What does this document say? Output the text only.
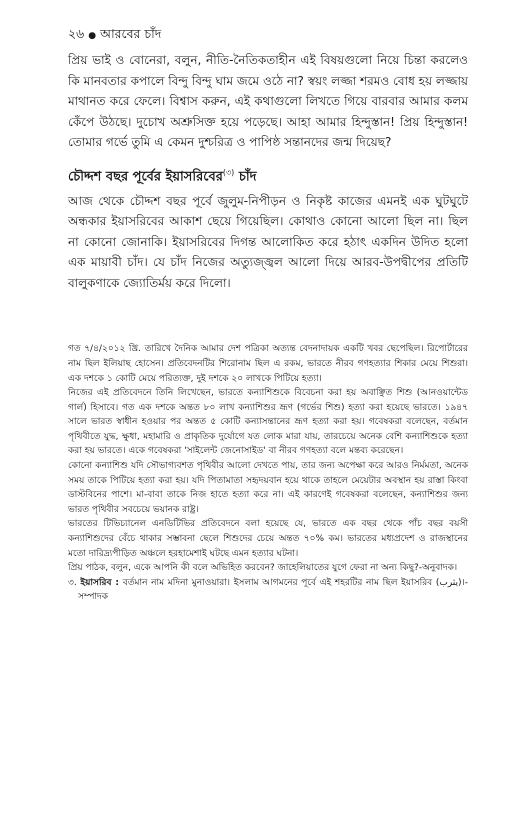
২৬ ● আরবের চাঁদ

প্রিয় ভাই ও বোনেরা, বলুন, নীতি-নৈতিকতাহীন এই বিষয়গুলো নিয়ে চিন্তা করলেও কি মানবতার কপালে বিন্দু বিন্দু ঘাম জমে ওঠে না? স্বয়ং লজ্জা শরমও বোধ হয় লজ্জায় মাথানত করে ফেলে। বিশ্বাস করুন, এই কথাগুলো লিখতে গিয়ে বারবার আমার কলম কেঁপে উঠছে। দুচোখ অশ্রুসিক্ত হয়ে পড়েছে। আহা আমার হিন্দুস্তান! প্রিয় হিন্দুস্তান! তোমার গর্ভে তুমি এ কেমন দুশ্চরিত্র ও পাপিষ্ঠ সন্তানদের জন্ম দিয়েছ?

চৌদ্দশ বছর পূর্বের ইয়াসরিবের$^{(৩)}$ চাঁদ

আজ থেকে চৌদ্দশ বছর পূর্বে জুলুম-নিপীড়ন ও নিকৃষ্ট কাজের এমনই এক ঘুটঘুটে অন্ধকার ইয়াসরিবের আকাশ ছেয়ে গিয়েছিল। কোথাও কোনো আলো ছিল না। ছিল না কোনো জোনাকি। ইয়াসরিবের দিগন্ত আলোকিত করে হঠাৎ একদিন উদিত হলো এক মায়াবী চাঁদ। যে চাঁদ নিজের অত্যুজ্জ্বল আলো দিয়ে আরব-উপদ্বীপের প্রতিটি বালুকণাকে জ্যোতির্ময় করে দিলো।

গত ৭/৪/২০১২ খ্রি. তারিখে দৈনিক আমার দেশ পত্রিকা অত্যন্ত বেদনাদায়ক একটি খবর ছেপেছিল। রিপোর্টারের নাম ছিল ইলিয়াছ হোসেন। প্রতিবেদনটির শিরোনাম ছিল এ রকম, ভারতে নীরব গণহত্যার শিকার মেয়ে শিশুরা। এক দশকে ১ কোটি মেয়ে পরিত্যক্ত, দুই দশকে ২০ লাখকে পিটিয়ে হত্যা।

নিজের এই প্রতিবেদনে তিনি লিখেছেন, ভারতে কন্যাশিশুকে বিবেচনা করা হয় অবাঞ্ছিত শিশু (আনওয়ান্টেড গার্ল) হিসাবে। গত এক দশকে অন্তত ৮০ লাখ কন্যাশিশুর ভ্রূণ (গর্ভের শিশু) হত্যা করা হয়েছে ভারতে। ১৯৪৭ সালে ভারত স্বাধীন হওয়ার পর অন্তত ৫ কোটি কন্যাসন্তানের ভ্রূণ হত্যা করা হয়। গবেষকরা বলেছেন, বর্তমান পৃথিবীতে যুদ্ধ, ক্ষুধা, মহামারি ও প্রাকৃতিক দুর্যোগে যত লোক মারা যায়, তারচেয়ে অনেক বেশি কন্যাশিশুকে হত্যা করা হয় ভারতে। একে গবেষকরা 'সাইলেন্ট জেনোসাইড' বা নীরব গণহত্যা বলে মন্তব্য করেছেন।

কোনো কন্যাশিশু যদি সৌভাগ্যবশত পৃথিবীর আলো দেখতে পায়, তার জন্য অপেক্ষা করে আরও নির্মমতা, অনেক সময় তাকে পিটিয়ে হত্যা করা হয়। যদি পিতামাতা সহৃদয়বান হয়ে থাকে তাহলে মেয়েটার অবস্থান হয় রাস্তা কিংবা ডাস্টবিনের পাশে। মা-বাবা তাকে নিজ হাতে হত্যা করে না। এই কারণেই গবেষকরা বলেছেন, কন্যাশিশুর জন্য ভারত পৃথিবীর সবচেয়ে ভয়ানক রাষ্ট্র।

ভারতের টিভিচ্যানেল এনডিটিভির প্রতিবেদনে বলা হয়েছে যে, ভারতে এক বছর থেকে পাঁচ বছর বয়সী কন্যাশিশুদের বেঁচে থাকার সম্ভাবনা ছেলে শিশুদের চেয়ে অন্তত ৭০% কম। ভারতের মধ্যপ্রদেশ ও রাজস্থানের মতো দারিদ্র্যপীড়িত অঞ্চলে হরহামেশাই ঘটছে এমন হত্যার ঘটনা।

প্রিয় পাঠক, বলুন, একে আপনি কী বলে অভিহিত করবেন? জাহেলিয়াতের যুগে ফেরা না অন্য কিছু?-অনুবাদক।

৩. ইয়াসরিব : বর্তমান নাম মদিনা মুনাওয়ারা। ইসলাম আগমনের পূর্বে এই শহরটির নাম ছিল ইয়াসরিব (يثرب)।-সম্পাদক
